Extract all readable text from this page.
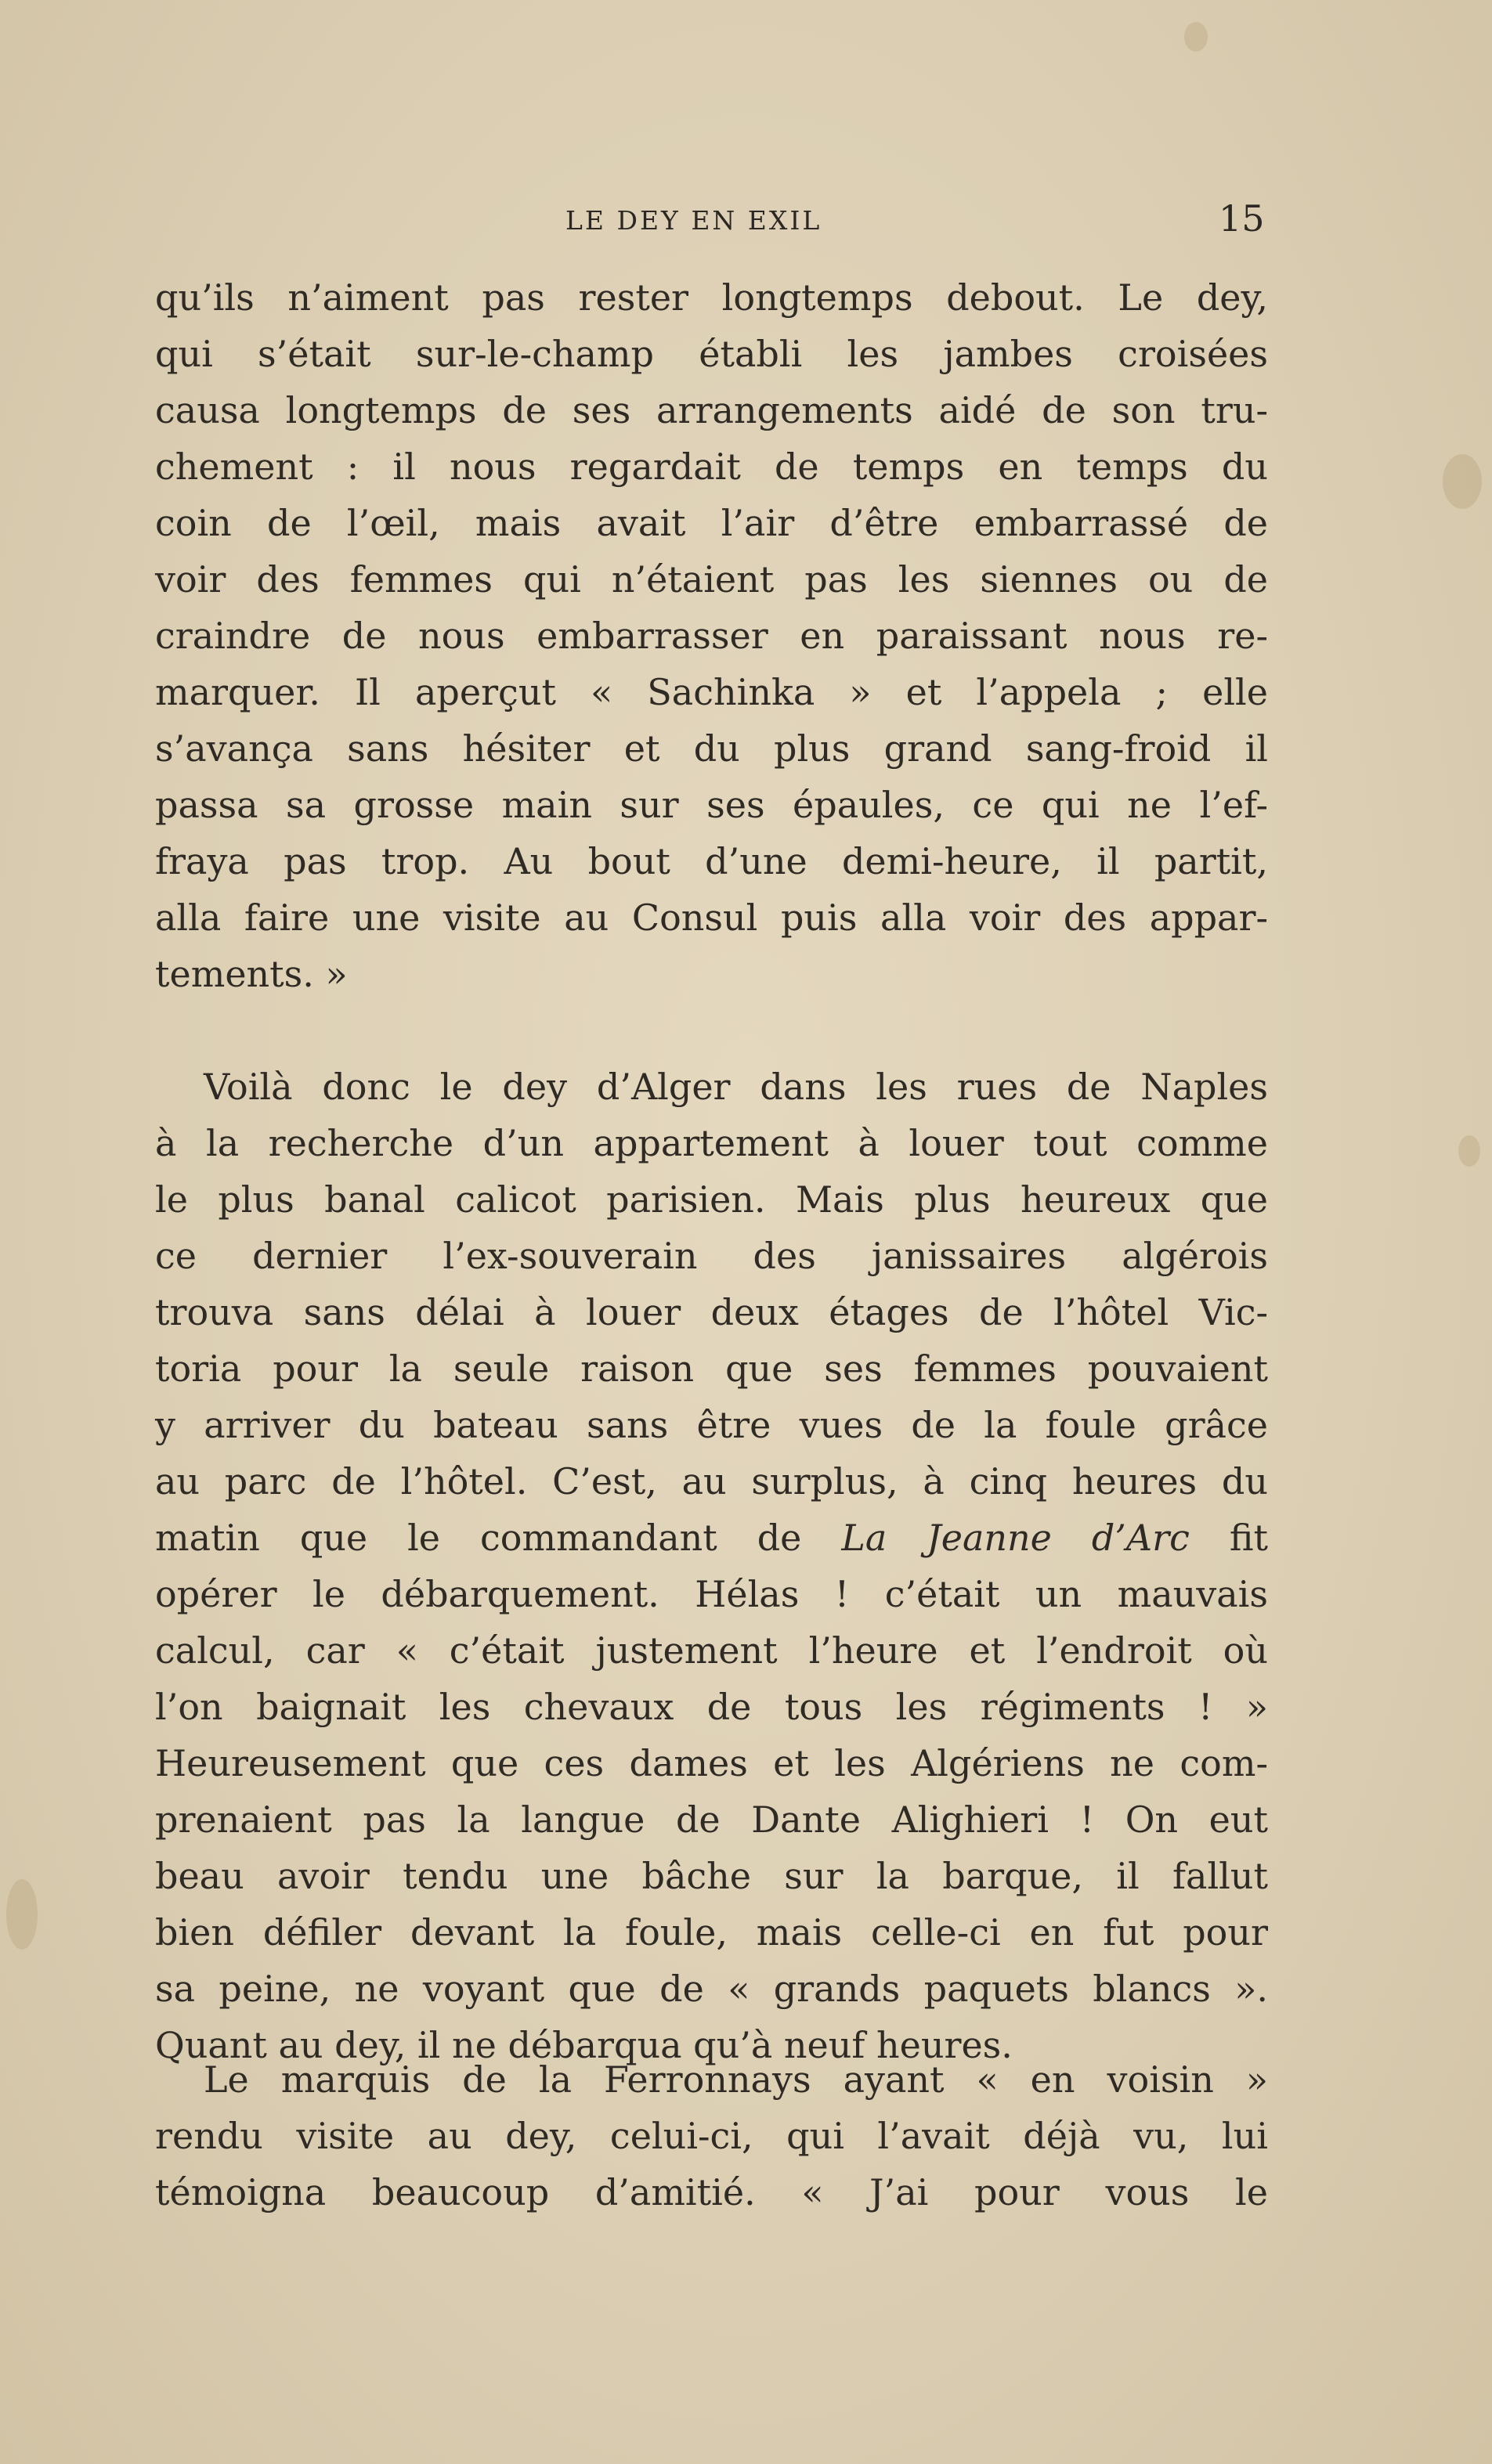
LE DEY EN EXIL	15
qu’ils n’aiment pas rester longtemps debout. Le dey,
qui s’était sur-le-champ établi les jambes croisées
causa longtemps de ses arrangements aidé de son tru-
chement : il nous regardait de temps en temps du
coin de l’œil, mais avait l’air d’être embarrassé de
voir des femmes qui n’étaient pas les siennes ou de
craindre de nous embarrasser en paraissant nous re-
marquer. Il aperçut « Sachinka » et l’appela ; elle
s’avança sans hésiter et du plus grand sang-froid il
passa sa grosse main sur ses épaules, ce qui ne l’ef-
fraya pas trop. Au bout d’une demi-heure, il partit,
alla faire une visite au Consul puis alla voir des appar-
tements. »
Voilà donc le dey d’Alger dans les rues de Naples
à la recherche d’un appartement à louer tout comme
le plus banal calicot parisien. Mais plus heureux que
ce dernier l’ex-souverain des janissaires algérois
trouva sans délai à louer deux étages de l’hôtel Vic-
toria pour la seule raison que ses femmes pouvaient
y arriver du bateau sans être vues de la foule grâce
au parc de l’hôtel. C’est, au surplus, à cinq heures du
matin que le commandant de La Jeanne d’Arc fit
opérer le débarquement. Hélas ! c’était un mauvais
calcul, car « c’était justement l’heure et l’endroit où
l’on baignait les chevaux de tous les régiments ! »
Heureusement que ces dames et les Algériens ne com-
prenaient pas la langue de Dante Alighieri ! On eut
beau avoir tendu une bâche sur la barque, il fallut
bien défiler devant la foule, mais celle-ci en fut pour
sa peine, ne voyant que de « grands paquets blancs ».
Quant au dey, il ne débarqua qu’à neuf heures.
Le marquis de la Ferronnays ayant « en voisin »
rendu visite au dey, celui-ci, qui l’avait déjà vu, lui
témoigna beaucoup d’amitié. « J’ai pour vous le
